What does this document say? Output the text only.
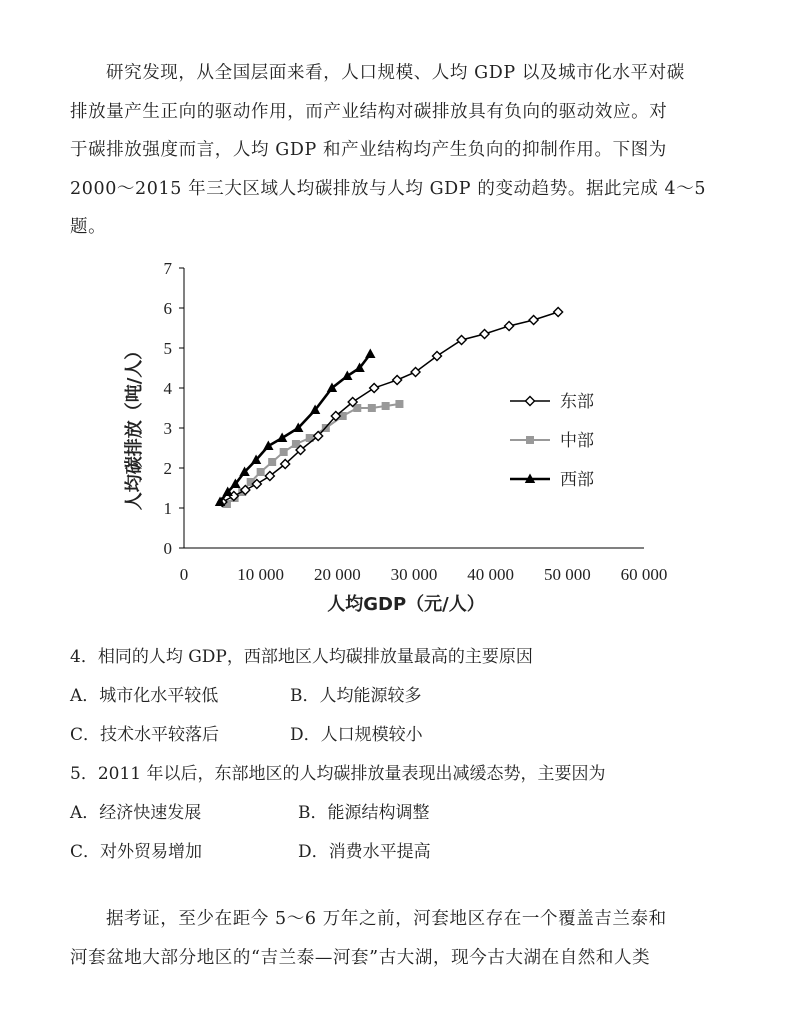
研究发现，从全国层面来看，人口规模、人均 GDP 以及城市化水平对碳

排放量产生正向的驱动作用，而产业结构对碳排放具有负向的驱动效应。对

于碳排放强度而言，人均 GDP 和产业结构均产生负向的抑制作用。下图为

2000～2015 年三大区域人均碳排放与人均 GDP 的变动趋势。据此完成 4～5

题。

0
1
2
3
4
5
6
7
0	10 000 20 000 30 000 40 000 50 000 60 000
东部
中部
西部
人均GDP（元/人）
人均碳排放（吨/人）
4．相同的人均 GDP，西部地区人均碳排放量最高的主要原因
A．城市化水平较低	B．人均能源较多
C．技术水平较落后	D．人口规模较小
5．2011 年以后，东部地区的人均碳排放量表现出减缓态势，主要因为
A．经济快速发展	B．能源结构调整
C．对外贸易增加	D．消费水平提高

据考证，至少在距今 5～6 万年之前，河套地区存在一个覆盖吉兰泰和

河套盆地大部分地区的“吉兰泰—河套”古大湖，现今古大湖在自然和人类
